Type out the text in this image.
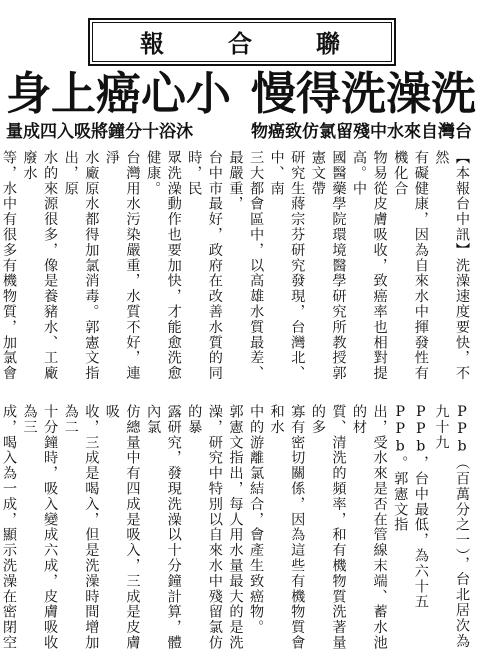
報	合	聯
身上癌心小 慢得洗澡洗
量成四入吸將鐘分十浴沐	物癌致仿氯留殘中水來自灣台

【本報台中訊】洗澡速度要快，不然

有礙健康，因為自來水中揮發性有機化合

物易從皮膚吸收，致癌率也相對提高。中

國醫藥學院環境醫學研究所教授郭憲文帶

研究生蔣宗芬研究發現，台灣北、中、南

三大都會區中，以高雄水質最差、最嚴重，

台中市最好，政府在改善水質的同時，民

眾洗澡動作也要加快，才能愈洗愈健康。

台灣用水污染嚴重，水質不好，連淨

水廠原水都得加氯消毒。郭憲文指出，原

水的來源很多，像是養豬水、工廠廢水

等，水中有很多有機物質，加氯會

PPb（百萬分之一），台北居次為九十九

PPb，台中最低，為六十五PPb。郭憲文指

出，受水來是否在管線末端、蓄水池的材

質、清洗的頻率，和有機物質洗著量的多

寡有密切關係，因為這些有機物質會和水

中的游離氯結合，會產生致癌物。

郭憲文指出，每人用水量最大的是洗

澡，研究中特別以自來水中殘留氯仿的暴

露研究，發現洗澡以十分鐘計算，體內氯

仿總量中有四成是吸入，三成是皮膚吸

收，三成是喝入，但是洗澡時間增加為二

十分鐘時，吸入變成六成，皮膚吸收為三

成，喝入為一成，顯示洗澡在密閉空
